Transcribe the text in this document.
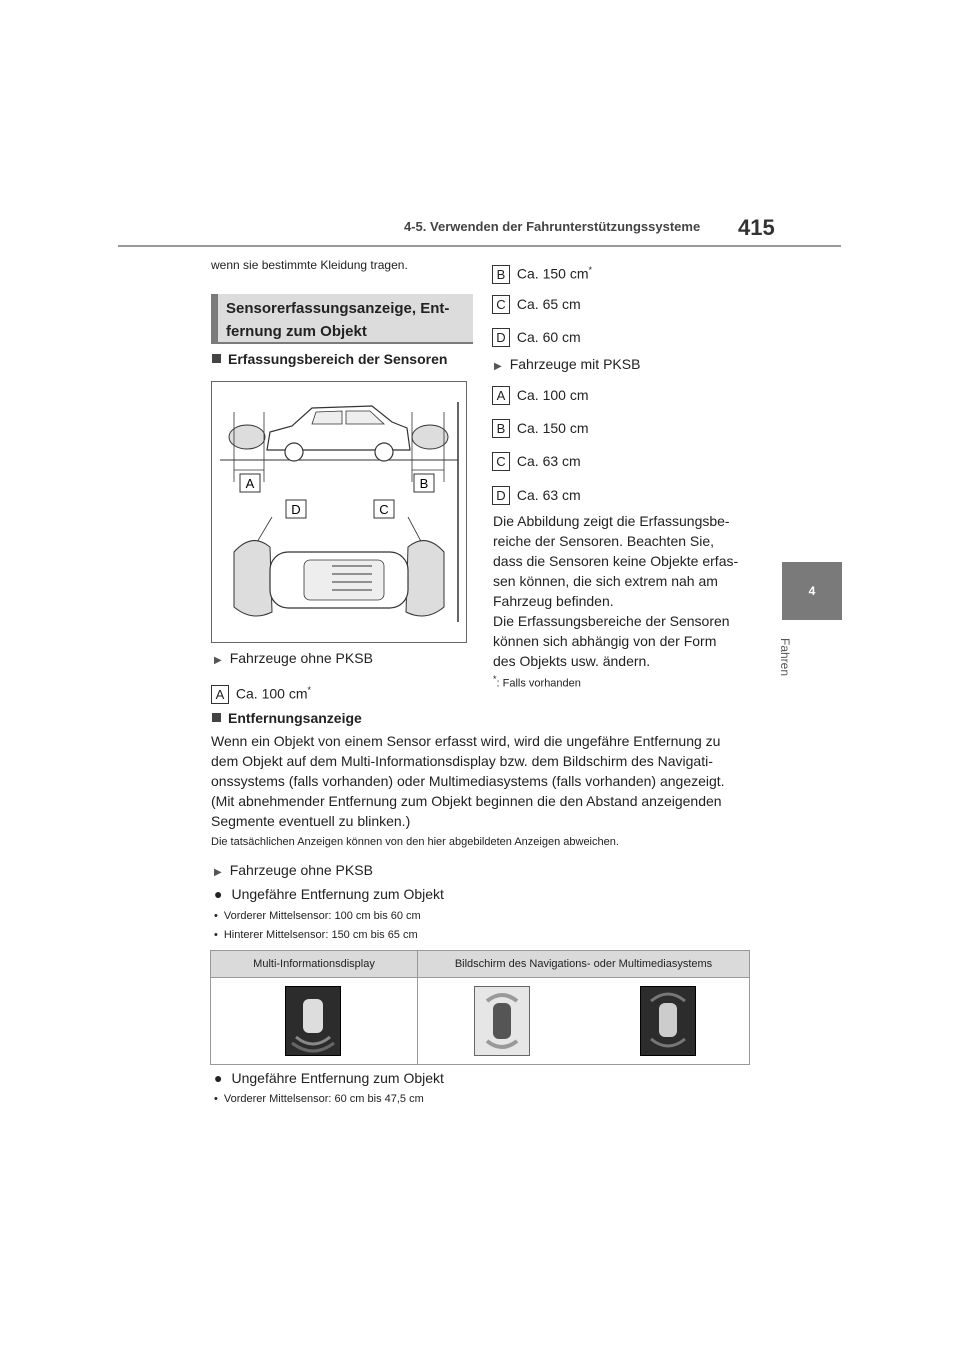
4-5. Verwenden der Fahrunterstützungssysteme 415
4
Fahren
wenn sie bestimmte Kleidung tragen.
Sensorerfassungsanzeige, Ent-
fernung zum Objekt
Erfassungsbereich der Sensoren
A	B
D	C
▶ Fahrzeuge ohne PKSB
A Ca. 100 cm*
B Ca. 150 cm*
C Ca. 65 cm
D Ca. 60 cm
▶ Fahrzeuge mit PKSB
A Ca. 100 cm
B Ca. 150 cm
C Ca. 63 cm
D Ca. 63 cm
Die Abbildung zeigt die Erfassungsbe-
reiche der Sensoren. Beachten Sie,
dass die Sensoren keine Objekte erfas-
sen können, die sich extrem nah am
Fahrzeug befinden.
Die Erfassungsbereiche der Sensoren
können sich abhängig von der Form
des Objekts usw. ändern.
*: Falls vorhanden
Entfernungsanzeige
Wenn ein Objekt von einem Sensor erfasst wird, wird die ungefähre Entfernung zu
dem Objekt auf dem Multi-Informationsdisplay bzw. dem Bildschirm des Navigati-
onssystems (falls vorhanden) oder Multimediasystems (falls vorhanden) angezeigt.
(Mit abnehmender Entfernung zum Objekt beginnen die den Abstand anzeigenden
Segmente eventuell zu blinken.)
Die tatsächlichen Anzeigen können von den hier abgebildeten Anzeigen abweichen.
▶ Fahrzeuge ohne PKSB
● Ungefähre Entfernung zum Objekt
• Vorderer Mittelsensor: 100 cm bis 60 cm
• Hinterer Mittelsensor: 150 cm bis 65 cm
Multi-Informationsdisplay	Bildschirm des Navigations- oder Multimediasystems

● Ungefähre Entfernung zum Objekt
• Vorderer Mittelsensor: 60 cm bis 47,5 cm
